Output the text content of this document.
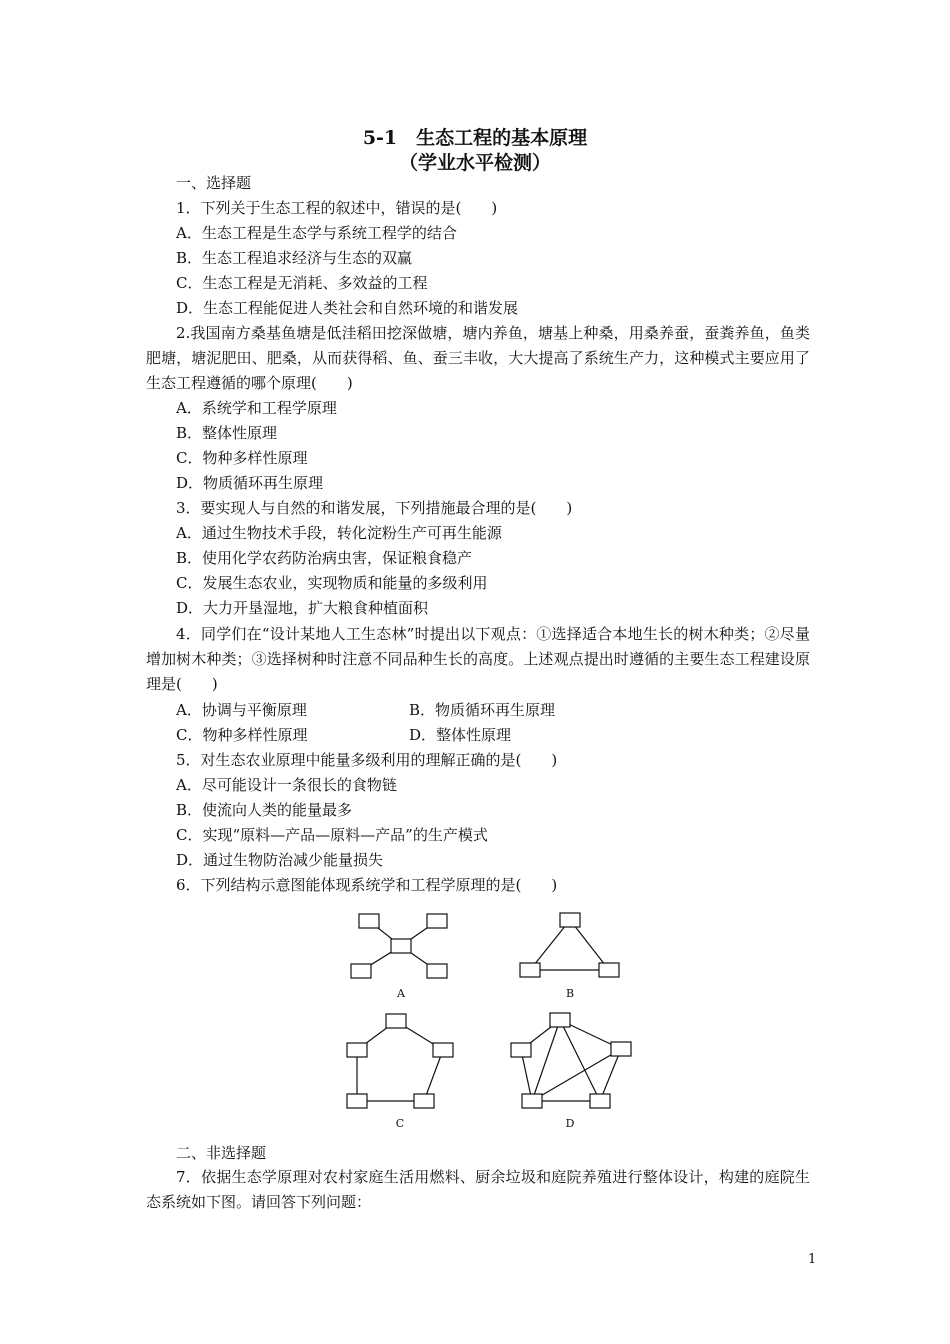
5-1　生态工程的基本原理
（学业水平检测）
一、选择题
1．下列关于生态工程的叙述中，错误的是(　　)
A．生态工程是生态学与系统工程学的结合
B．生态工程追求经济与生态的双赢
C．生态工程是无消耗、多效益的工程
D．生态工程能促进人类社会和自然环境的和谐发展
2.我国南方桑基鱼塘是低洼稻田挖深做塘，塘内养鱼，塘基上种桑，用桑养蚕，蚕粪养鱼，鱼类肥塘，塘泥肥田、肥桑，从而获得稻、鱼、蚕三丰收，大大提高了系统生产力，这种模式主要应用了生态工程遵循的哪个原理(　　)
A．系统学和工程学原理
B．整体性原理
C．物种多样性原理
D．物质循环再生原理
3．要实现人与自然的和谐发展，下列措施最合理的是(　　)
A．通过生物技术手段，转化淀粉生产可再生能源
B．使用化学农药防治病虫害，保证粮食稳产
C．发展生态农业，实现物质和能量的多级利用
D．大力开垦湿地，扩大粮食种植面积
4．同学们在“设计某地人工生态林”时提出以下观点：①选择适合本地生长的树木种类；②尽量增加树木种类；③选择树种时注意不同品种生长的高度。上述观点提出时遵循的主要生态工程建设原理是(　　)
A．协调与平衡原理	B．物质循环再生原理
C．物种多样性原理	D．整体性原理
5．对生态农业原理中能量多级利用的理解正确的是(　　)
A．尽可能设计一条很长的食物链
B．使流向人类的能量最多
C．实现“原料—产品—原料—产品”的生产模式
D．通过生物防治减少能量损失
6．下列结构示意图能体现系统学和工程学原理的是(　　)
A	B
C	D
二、非选择题
7．依据生态学原理对农村家庭生活用燃料、厨余垃圾和庭院养殖进行整体设计，构建的庭院生态系统如下图。请回答下列问题：
1
